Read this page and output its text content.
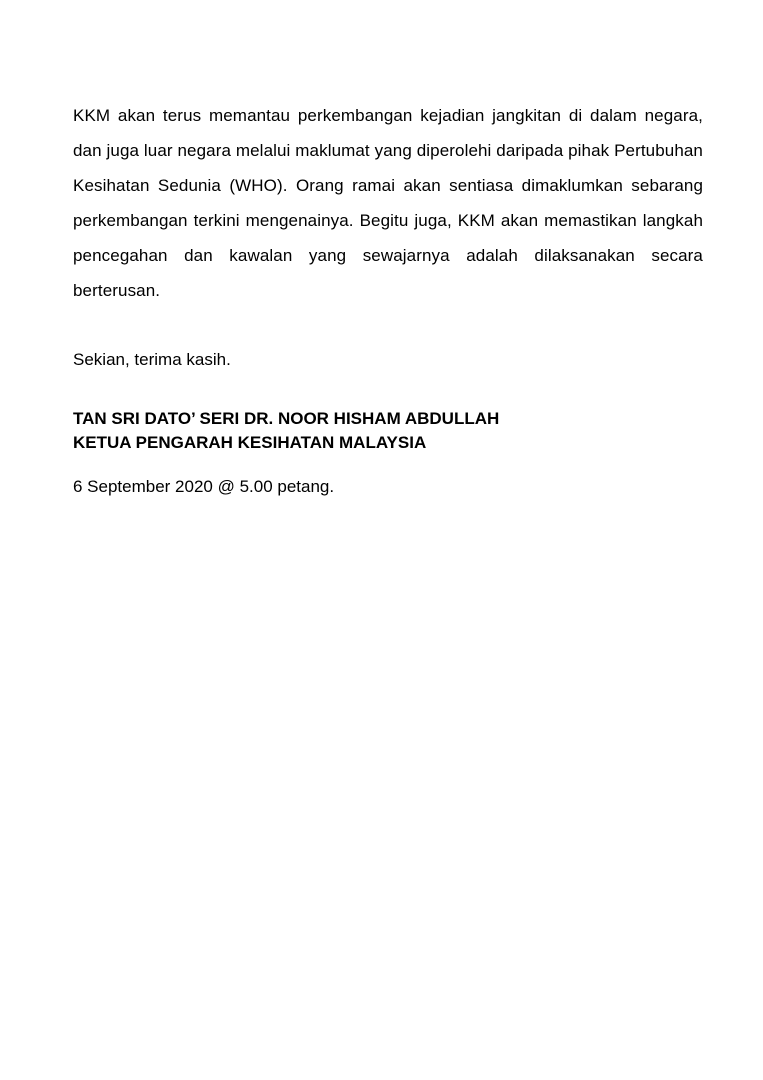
KKM akan terus memantau perkembangan kejadian jangkitan di dalam negara, dan juga luar negara melalui maklumat yang diperolehi daripada pihak Pertubuhan Kesihatan Sedunia (WHO). Orang ramai akan sentiasa dimaklumkan sebarang perkembangan terkini mengenainya. Begitu juga, KKM akan memastikan langkah pencegahan dan kawalan yang sewajarnya adalah dilaksanakan secara berterusan.

Sekian, terima kasih.

TAN SRI DATO’ SERI DR. NOOR HISHAM ABDULLAH
KETUA PENGARAH KESIHATAN MALAYSIA

6 September 2020 @ 5.00 petang.
